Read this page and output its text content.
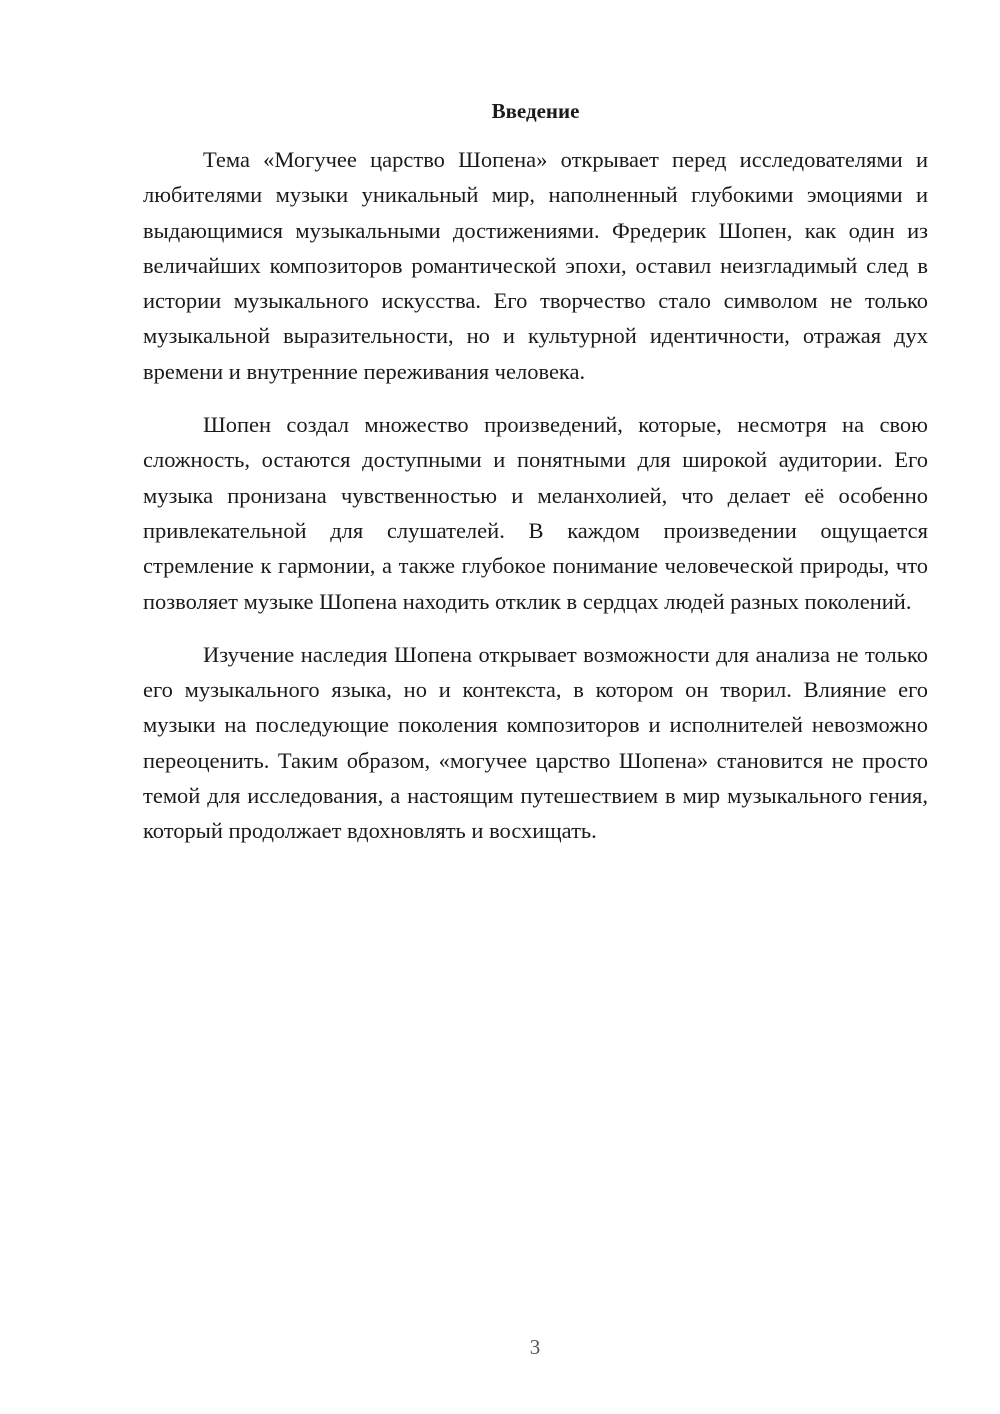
Введение

Тема «Могучее царство Шопена» открывает перед исследователями и любителями музыки уникальный мир, наполненный глубокими эмоциями и выдающимися музыкальными достижениями. Фредерик Шопен, как один из величайших композиторов романтической эпохи, оставил неизгладимый след в истории музыкального искусства. Его творчество стало символом не только музыкальной выразительности, но и культурной идентичности, отражая дух времени и внутренние переживания человека.

Шопен создал множество произведений, которые, несмотря на свою сложность, остаются доступными и понятными для широкой аудитории. Его музыка пронизана чувственностью и меланхолией, что делает её особенно привлекательной для слушателей. В каждом произведении ощущается стремление к гармонии, а также глубокое понимание человеческой природы, что позволяет музыке Шопена находить отклик в сердцах людей разных поколений.

Изучение наследия Шопена открывает возможности для анализа не только его музыкального языка, но и контекста, в котором он творил. Влияние его музыки на последующие поколения композиторов и исполнителей невозможно переоценить. Таким образом, «могучее царство Шопена» становится не просто темой для исследования, а настоящим путешествием в мир музыкального гения, который продолжает вдохновлять и восхищать.

3
